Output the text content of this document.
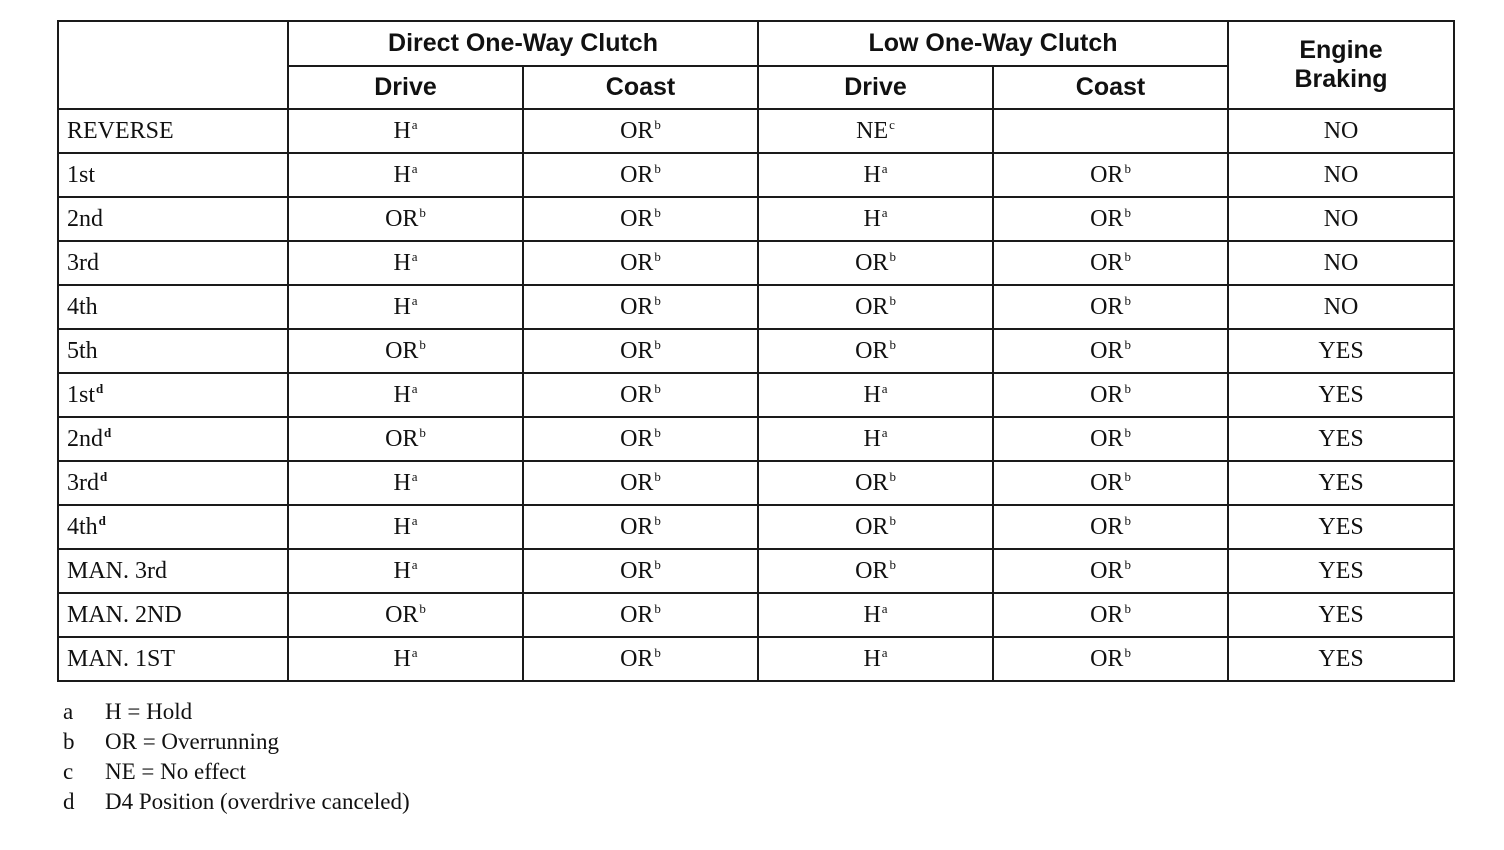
	Direct One-Way Clutch		Low One-Way Clutch		Engine Braking
	Drive	Coast	Drive	Coast	
REVERSE	$H^a$	$OR^b$	$NE^c$		NO
1st	$H^a$	$OR^b$	$H^a$	$OR^b$	NO
2nd	$OR^b$	$OR^b$	$H^a$	$OR^b$	NO
3rd	$H^a$	$OR^b$	$OR^b$	$OR^b$	NO
4th	$H^a$	$OR^b$	$OR^b$	$OR^b$	NO
5th	$OR^b$	$OR^b$	$OR^b$	$OR^b$	YES
$1st^d$	$H^a$	$OR^b$	$H^a$	$OR^b$	YES
$2nd^d$	$OR^b$	$OR^b$	$H^a$	$OR^b$	YES
$3rd^d$	$H^a$	$OR^b$	$OR^b$	$OR^b$	YES
$4th^d$	$H^a$	$OR^b$	$OR^b$	$OR^b$	YES
MAN. 3rd	$H^a$	$OR^b$	$OR^b$	$OR^b$	YES
MAN. 2ND	$OR^b$	$OR^b$	$H^a$	$OR^b$	YES
MAN. 1ST	$H^a$	$OR^b$	$H^a$	$OR^b$	YES
a	H = Hold
b	OR = Overrunning
c	NE = No effect
d	D4 Position (overdrive canceled)
